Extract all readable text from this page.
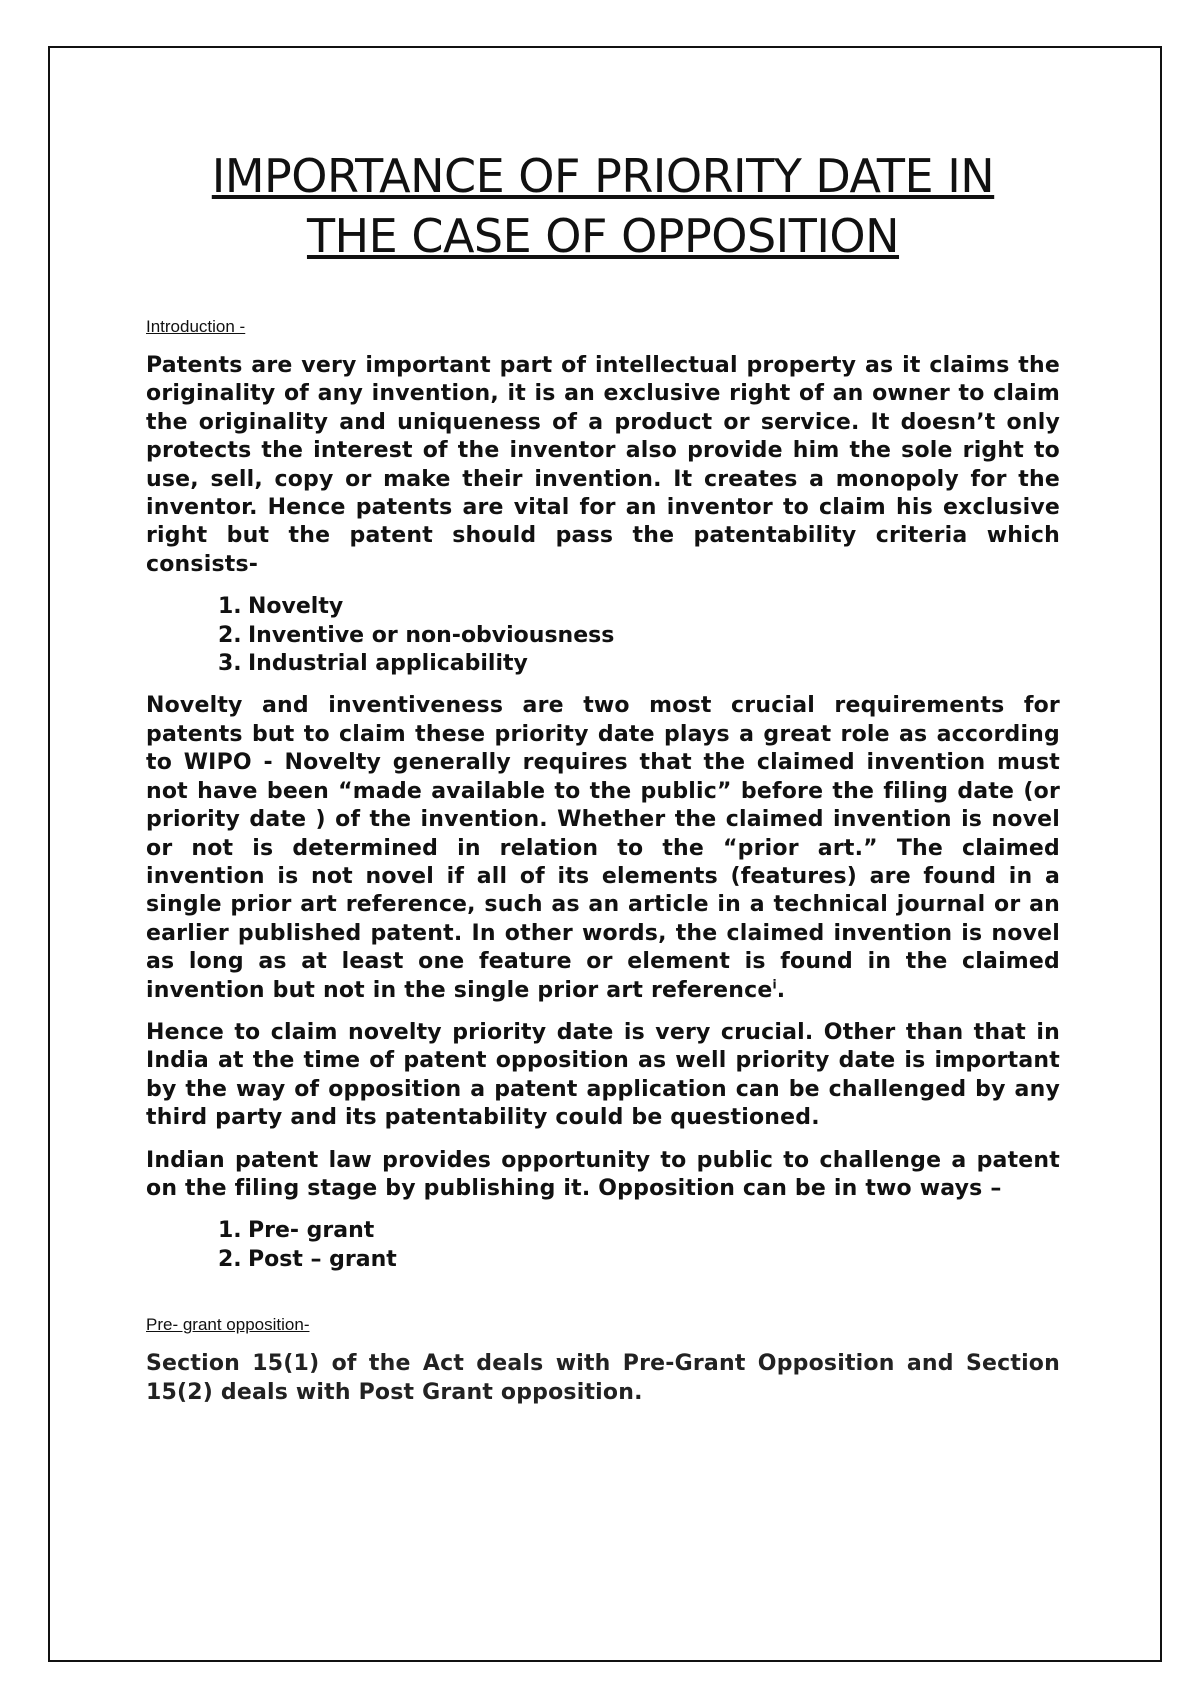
IMPORTANCE OF PRIORITY DATE IN
THE CASE OF OPPOSITION
Introduction -

Patents are very important part of intellectual property as it claims the originality of any invention, it is an exclusive right of an owner to claim the originality and uniqueness of a product or service. It doesn’t only protects the interest of the inventor also provide him the sole right to use, sell, copy or make their invention. It creates a monopoly for the inventor. Hence patents are vital for an inventor to claim his exclusive right but the patent should pass the patentability criteria which consists-

1. Novelty
2. Inventive or non-obviousness
3. Industrial applicability

Novelty and inventiveness are two most crucial requirements for patents but to claim these priority date plays a great role as according to WIPO - Novelty generally requires that the claimed invention must not have been “made available to the public” before the filing date (or priority date ) of the invention. Whether the claimed invention is novel or not is determined in relation to the “prior art.” The claimed invention is not novel if all of its elements (features) are found in a single prior art reference, such as an article in a technical journal or an earlier published patent. In other words, the claimed invention is novel as long as at least one feature or element is found in the claimed invention but not in the single prior art reference$^i$.

Hence to claim novelty priority date is very crucial. Other than that in India at the time of patent opposition as well priority date is important by the way of opposition a patent application can be challenged by any third party and its patentability could be questioned.

Indian patent law provides opportunity to public to challenge a patent on the filing stage by publishing it. Opposition can be in two ways –

1. Pre- grant
2. Post – grant
Pre- grant opposition-

Section 15(1) of the Act deals with Pre-Grant Opposition and Section 15(2) deals with Post Grant opposition.
